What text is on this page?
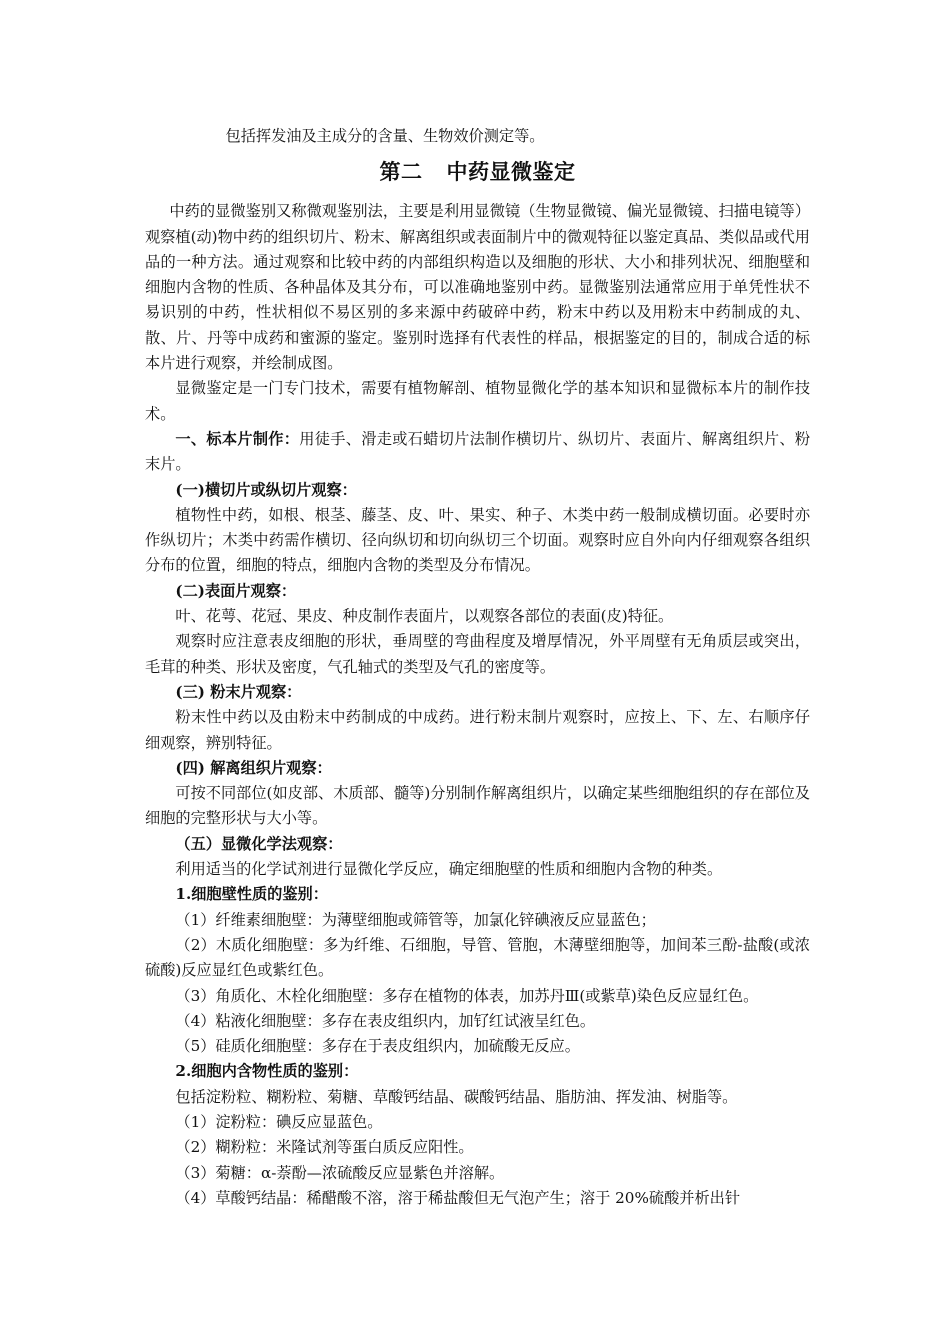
包括挥发油及主成分的含量、生物效价测定等。

第二 中药显微鉴定

中药的显微鉴别又称微观鉴别法，主要是利用显微镜（生物显微镜、偏光显微镜、扫描电镜等）观察植(动)物中药的组织切片、粉末、解离组织或表面制片中的微观特征以鉴定真品、类似品或代用品的一种方法。通过观察和比较中药的内部组织构造以及细胞的形状、大小和排列状况、细胞壁和细胞内含物的性质、各种晶体及其分布，可以准确地鉴别中药。显微鉴别法通常应用于单凭性状不易识别的中药，性状相似不易区别的多来源中药破碎中药，粉末中药以及用粉末中药制成的丸、散、片、丹等中成药和蜜源的鉴定。鉴别时选择有代表性的样品，根据鉴定的目的，制成合适的标本片进行观察，并绘制成图。

显微鉴定是一门专门技术，需要有植物解剖、植物显微化学的基本知识和显微标本片的制作技术。

一、标本片制作：用徒手、滑走或石蜡切片法制作横切片、纵切片、表面片、解离组织片、粉末片。

(一)横切片或纵切片观察：

植物性中药，如根、根茎、藤茎、皮、叶、果实、种子、木类中药一般制成横切面。必要时亦作纵切片；木类中药需作横切、径向纵切和切向纵切三个切面。观察时应自外向内仔细观察各组织分布的位置，细胞的特点，细胞内含物的类型及分布情况。

(二)表面片观察：

叶、花萼、花冠、果皮、种皮制作表面片，以观察各部位的表面(皮)特征。

观察时应注意表皮细胞的形状，垂周壁的弯曲程度及增厚情况，外平周壁有无角质层或突出，毛茸的种类、形状及密度，气孔轴式的类型及气孔的密度等。

(三) 粉末片观察：

粉末性中药以及由粉末中药制成的中成药。进行粉末制片观察时，应按上、下、左、右顺序仔细观察，辨别特征。

(四) 解离组织片观察：

可按不同部位(如皮部、木质部、髓等)分别制作解离组织片，以确定某些细胞组织的存在部位及细胞的完整形状与大小等。

（五）显微化学法观察：

利用适当的化学试剂进行显微化学反应，确定细胞壁的性质和细胞内含物的种类。

1.细胞壁性质的鉴别：

（1）纤维素细胞壁：为薄壁细胞或筛管等，加氯化锌碘液反应显蓝色；

（2）木质化细胞壁：多为纤维、石细胞，导管、管胞，木薄壁细胞等，加间苯三酚-盐酸(或浓硫酸)反应显红色或紫红色。

（3）角质化、木栓化细胞壁：多存在植物的体表，加苏丹Ⅲ(或紫草)染色反应显红色。

（4）粘液化细胞壁：多存在表皮组织内，加钌红试液呈红色。

（5）硅质化细胞壁：多存在于表皮组织内，加硫酸无反应。

2.细胞内含物性质的鉴别：

包括淀粉粒、糊粉粒、菊糖、草酸钙结晶、碳酸钙结晶、脂肪油、挥发油、树脂等。

（1）淀粉粒：碘反应显蓝色。

（2）糊粉粒：米隆试剂等蛋白质反应阳性。

（3）菊糖：α-萘酚—浓硫酸反应显紫色并溶解。

（4）草酸钙结晶：稀醋酸不溶，溶于稀盐酸但无气泡产生；溶于 20%硫酸并析出针
